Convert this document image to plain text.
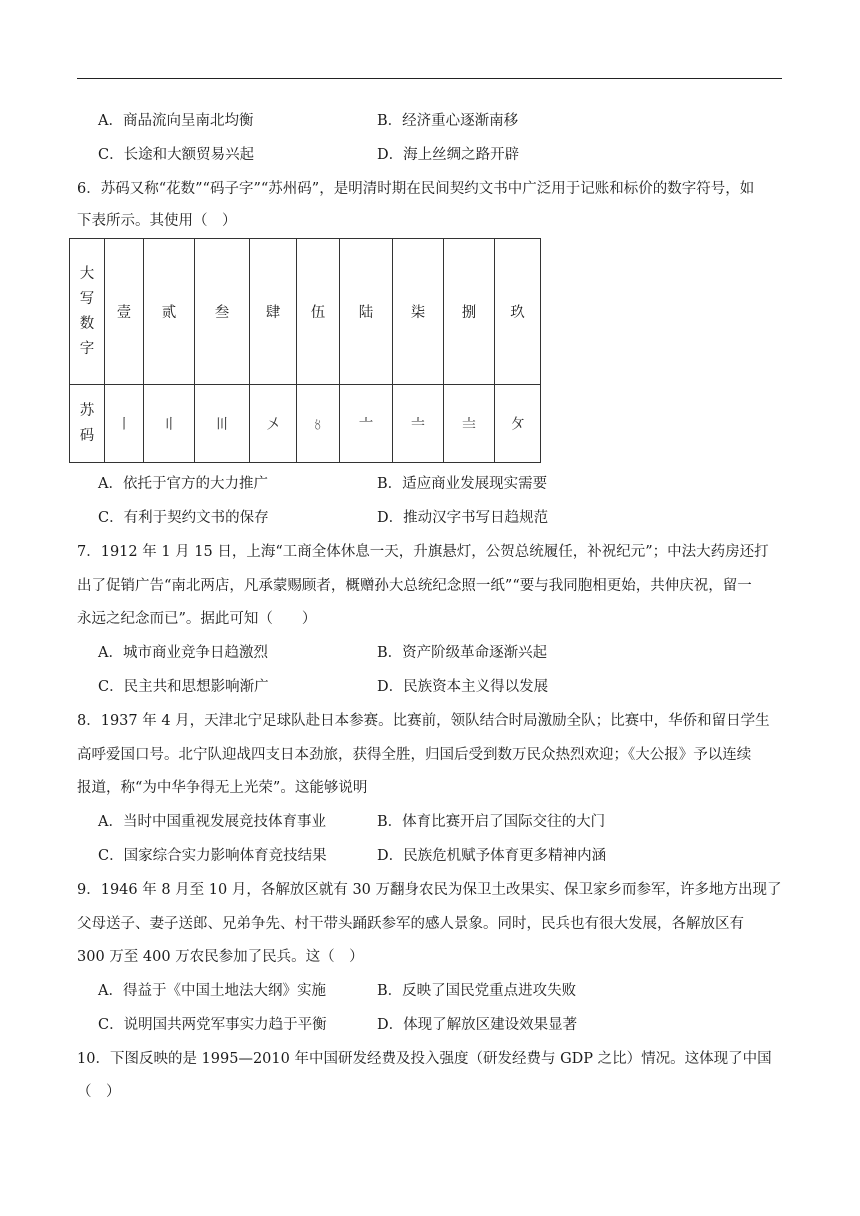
A．商品流向呈南北均衡	B．经济重心逐渐南移
C．长途和大额贸易兴起	D．海上丝绸之路开辟
6．苏码又称“花数”“码子字”“苏州码”，是明清时期在民间契约文书中广泛用于记账和标价的数字符号，如
下表所示。其使用（　）
大
写
数
字	壹	贰	叁	肆	伍	陆	柒	捌	玖

苏
码	〡	〢	〣	〤	〥	〦	〧	〨	〩
A．依托于官方的大力推广	B．适应商业发展现实需要
C．有利于契约文书的保存	D．推动汉字书写日趋规范
7．1912 年 1 月 15 日，上海“工商全体休息一天，升旗悬灯，公贺总统履任，补祝纪元”；中法大药房还打
出了促销广告“南北两店，凡承蒙赐顾者，概赠孙大总统纪念照一纸”“要与我同胞相更始，共伸庆祝，留一
永远之纪念而已”。据此可知（　　）
A．城市商业竞争日趋激烈	B．资产阶级革命逐渐兴起
C．民主共和思想影响渐广	D．民族资本主义得以发展
8．1937 年 4 月，天津北宁足球队赴日本参赛。比赛前，领队结合时局激励全队；比赛中，华侨和留日学生
高呼爱国口号。北宁队迎战四支日本劲旅，获得全胜，归国后受到数万民众热烈欢迎；《大公报》予以连续
报道，称“为中华争得无上光荣”。这能够说明
A．当时中国重视发展竞技体育事业	B．体育比赛开启了国际交往的大门
C．国家综合实力影响体育竞技结果	D．民族危机赋予体育更多精神内涵
9．1946 年 8 月至 10 月，各解放区就有 30 万翻身农民为保卫土改果实、保卫家乡而参军，许多地方出现了
父母送子、妻子送郎、兄弟争先、村干带头踊跃参军的感人景象。同时，民兵也有很大发展，各解放区有
300 万至 400 万农民参加了民兵。这（　）
A．得益于《中国土地法大纲》实施	B．反映了国民党重点进攻失败
C．说明国共两党军事实力趋于平衡	D．体现了解放区建设效果显著
10．下图反映的是 1995—2010 年中国研发经费及投入强度（研发经费与 GDP 之比）情况。这体现了中国
（　）
